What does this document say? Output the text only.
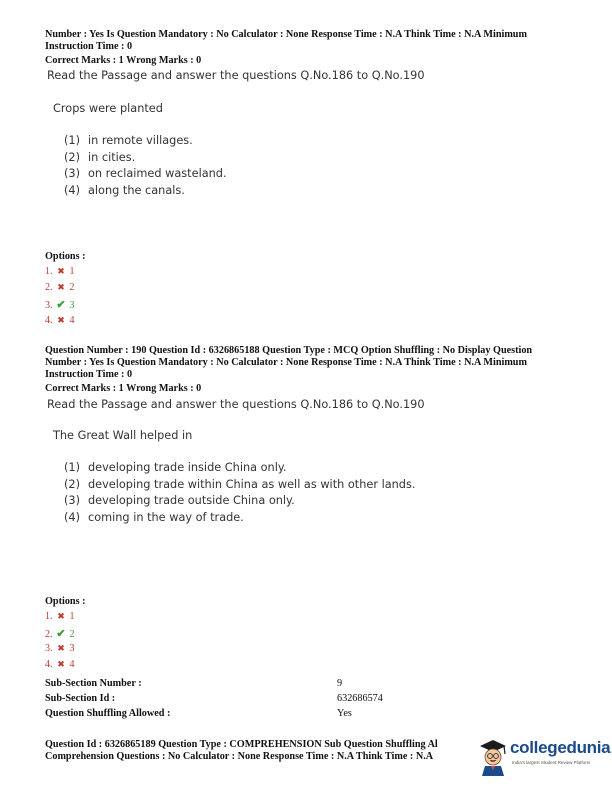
Number : Yes Is Question Mandatory : No Calculator : None Response Time : N.A Think Time : N.A Minimum
Instruction Time : 0
Correct Marks : 1 Wrong Marks : 0
Read the Passage and answer the questions Q.No.186 to Q.No.190
Crops were planted
(1) in remote villages.
(2) in cities.
(3) on reclaimed wasteland.
(4) along the canals.
Options :
1. ✖ 1
2. ✖ 2
3. ✔ 3
4. ✖ 4
Question Number : 190 Question Id : 6326865188 Question Type : MCQ Option Shuffling : No Display Question
Number : Yes Is Question Mandatory : No Calculator : None Response Time : N.A Think Time : N.A Minimum
Instruction Time : 0
Correct Marks : 1 Wrong Marks : 0
Read the Passage and answer the questions Q.No.186 to Q.No.190
The Great Wall helped in
(1) developing trade inside China only.
(2) developing trade within China as well as with other lands.
(3) developing trade outside China only.
(4) coming in the way of trade.
Options :
1. ✖ 1
2. ✔ 2
3. ✖ 3
4. ✖ 4
Sub-Section Number :	9
Sub-Section Id :	632686574
Question Shuffling Allowed :	Yes
Question Id : 6326865189 Question Type : COMPREHENSION Sub Question Shuffling Al
Comprehension Questions : No Calculator : None Response Time : N.A Think Time : N.A	collegedunia
India's largest Student Review Platform
